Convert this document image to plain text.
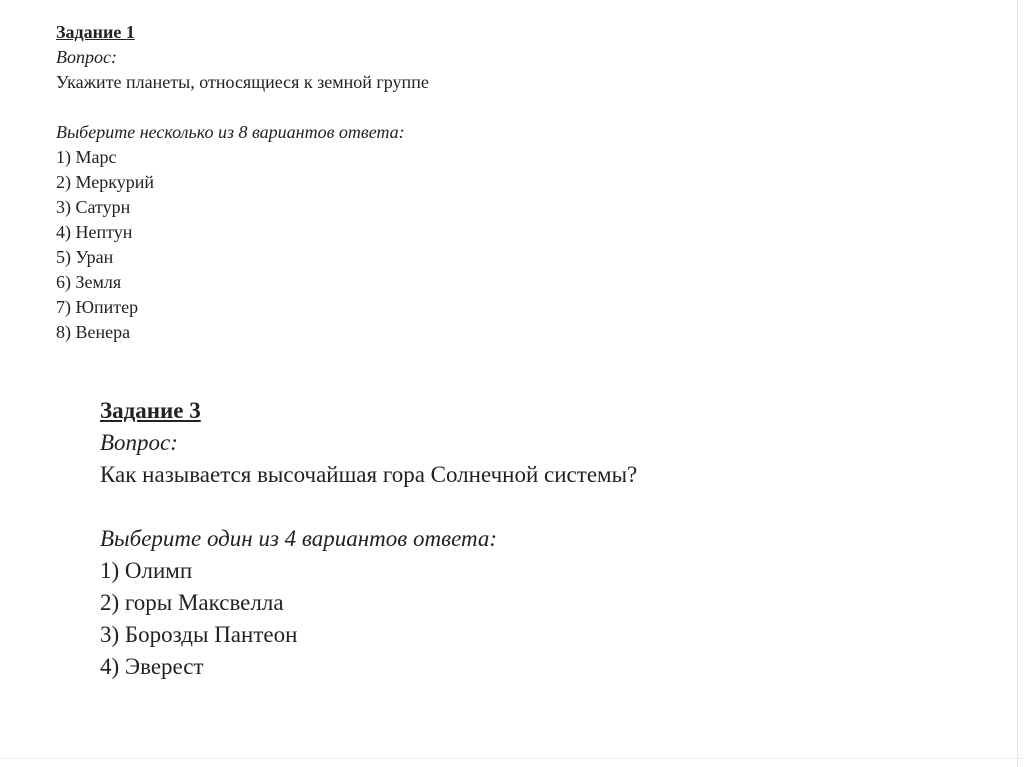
Задание 1
Вопрос:
Укажите планеты, относящиеся к земной группе
Выберите несколько из 8 вариантов ответа:
1) Марс
2) Меркурий
3) Сатурн
4) Нептун
5) Уран
6) Земля
7) Юпитер
8) Венера
Задание 3
Вопрос:
Как называется высочайшая гора Солнечной системы?
Выберите один из 4 вариантов ответа:
1) Олимп
2) горы Максвелла
3) Борозды Пантеон
4) Эверест
